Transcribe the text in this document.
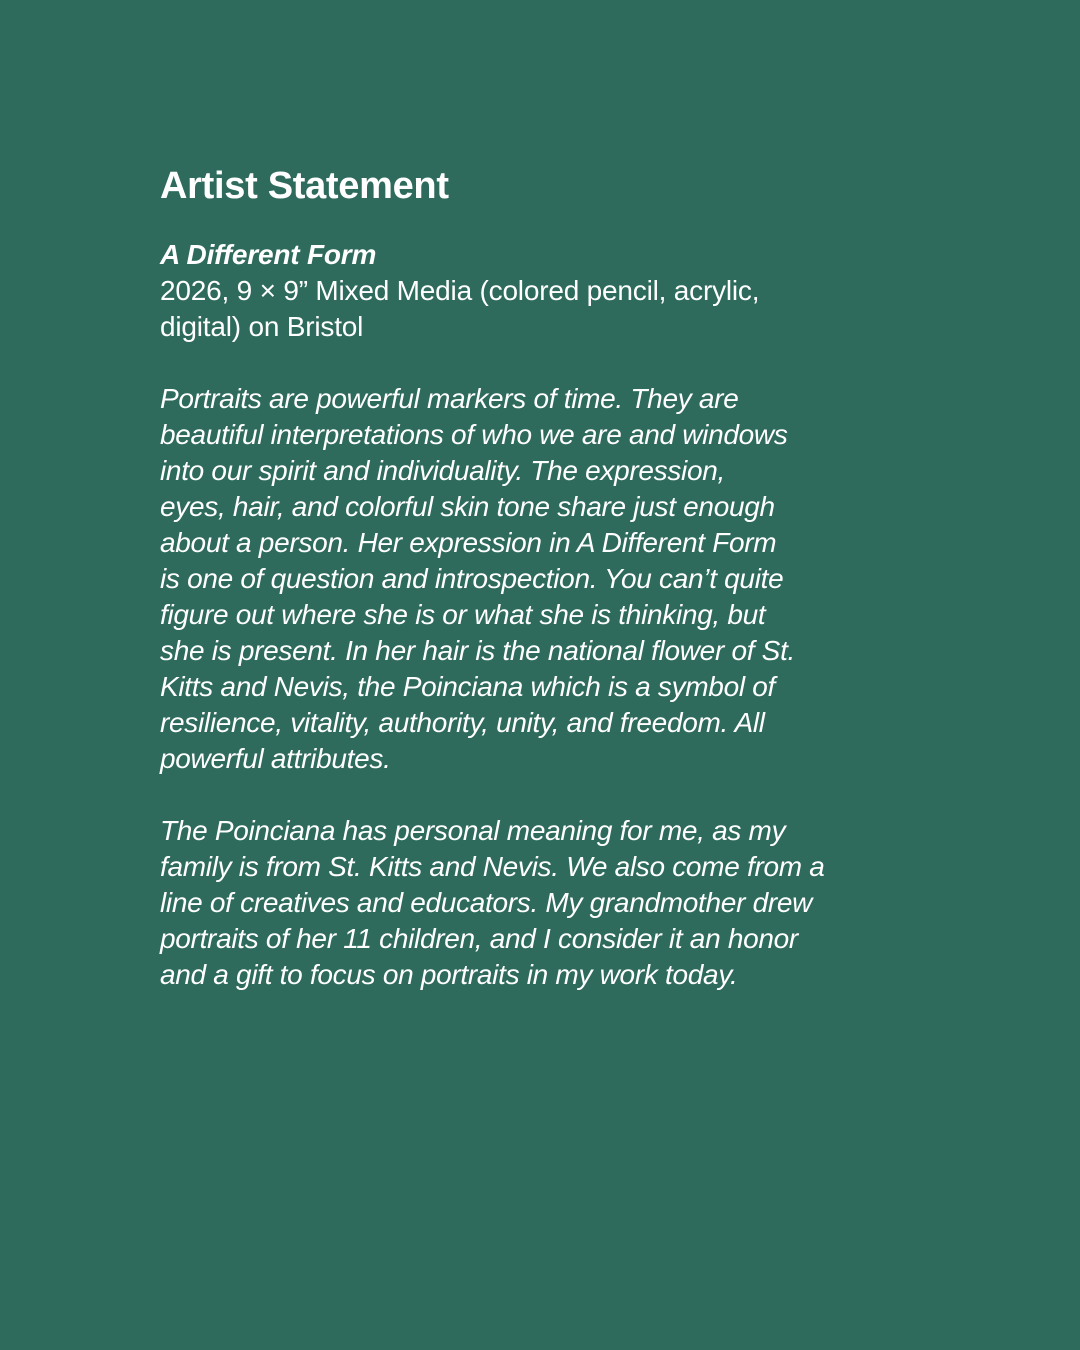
Artist Statement
A Different Form
2026, 9 × 9” Mixed Media (colored pencil, acrylic,
digital) on Bristol

Portraits are powerful markers of time. They are
beautiful interpretations of who we are and windows
into our spirit and individuality. The expression,
eyes, hair, and colorful skin tone share just enough
about a person. Her expression in A Different Form
is one of question and introspection. You can’t quite
figure out where she is or what she is thinking, but
she is present. In her hair is the national flower of St.
Kitts and Nevis, the Poinciana which is a symbol of
resilience, vitality, authority, unity, and freedom. All
powerful attributes.

The Poinciana has personal meaning for me, as my
family is from St. Kitts and Nevis. We also come from a
line of creatives and educators. My grandmother drew
portraits of her 11 children, and I consider it an honor
and a gift to focus on portraits in my work today.
